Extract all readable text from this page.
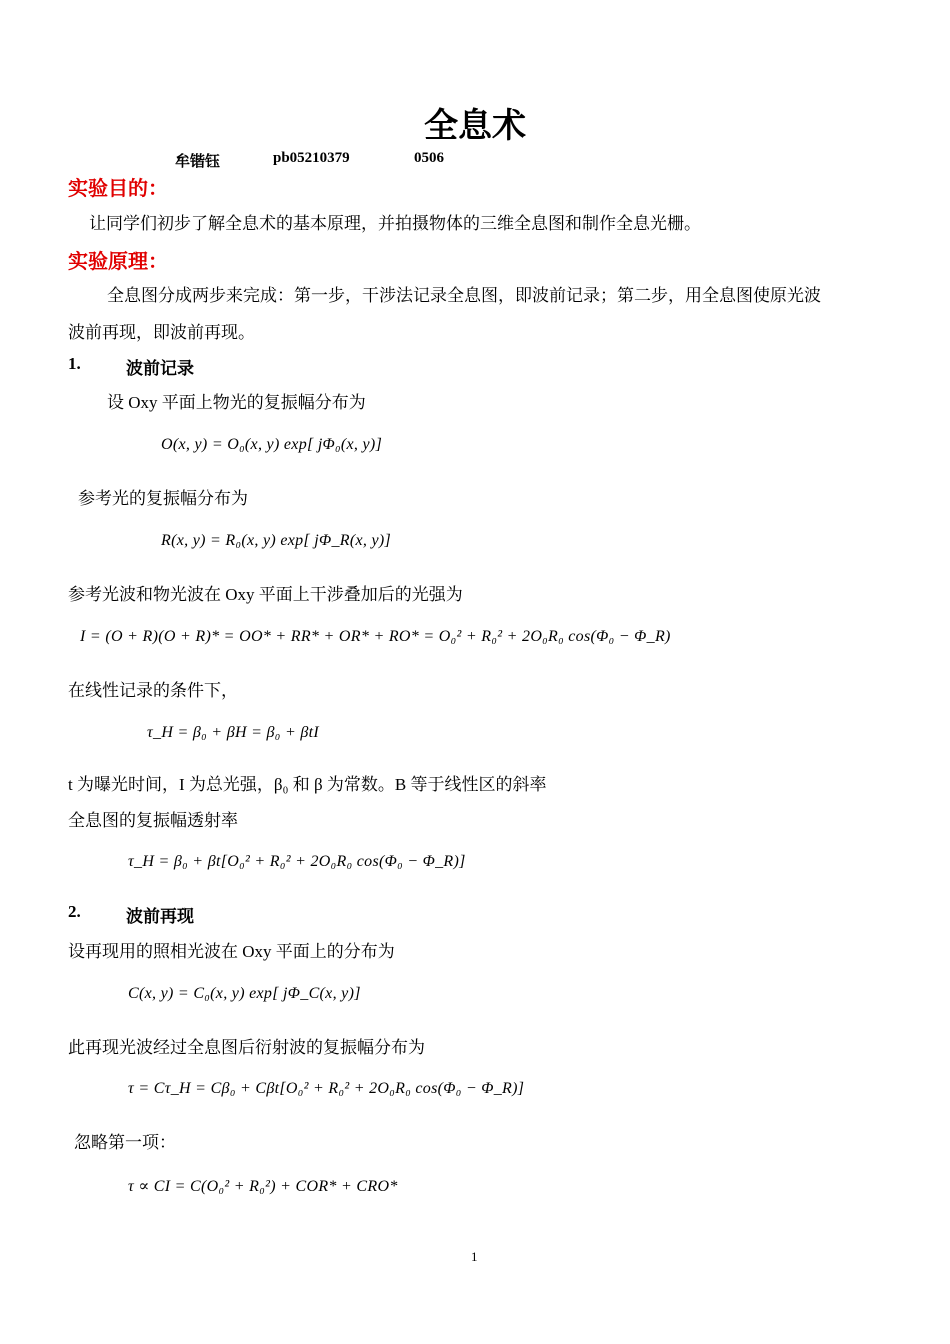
全息术
牟锴钰	pb05210379	0506
实验目的：
让同学们初步了解全息术的基本原理，并拍摄物体的三维全息图和制作全息光栅。
实验原理：
全息图分成两步来完成：第一步，干涉法记录全息图，即波前记录；第二步，用全息图使原光波
波前再现，即波前再现。
1.	波前记录
设 Oxy 平面上物光的复振幅分布为
O(x, y) = O₀(x, y) exp[ jΦ₀(x, y)]
参考光的复振幅分布为
R(x, y) = R₀(x, y) exp[ jΦ_R(x, y)]
参考光波和物光波在 Oxy 平面上干涉叠加后的光强为
I = (O + R)(O + R)* = OO* + RR* + OR* + RO* = O₀² + R₀² + 2O₀R₀ cos(Φ₀ − Φ_R)
在线性记录的条件下，
τ_H = β₀ + βH = β₀ + βtI
t 为曝光时间，I 为总光强，β₀ 和 β 为常数。B 等于线性区的斜率
全息图的复振幅透射率
τ_H = β₀ + βt[O₀² + R₀² + 2O₀R₀ cos(Φ₀ − Φ_R)]
2.	波前再现
设再现用的照相光波在 Oxy 平面上的分布为
C(x, y) = C₀(x, y) exp[ jΦ_C(x, y)]
此再现光波经过全息图后衍射波的复振幅分布为
τ = Cτ_H = Cβ₀ + Cβt[O₀² + R₀² + 2O₀R₀ cos(Φ₀ − Φ_R)]
忽略第一项：
τ ∝ CI = C(O₀² + R₀²) + COR* + CRO*
1
